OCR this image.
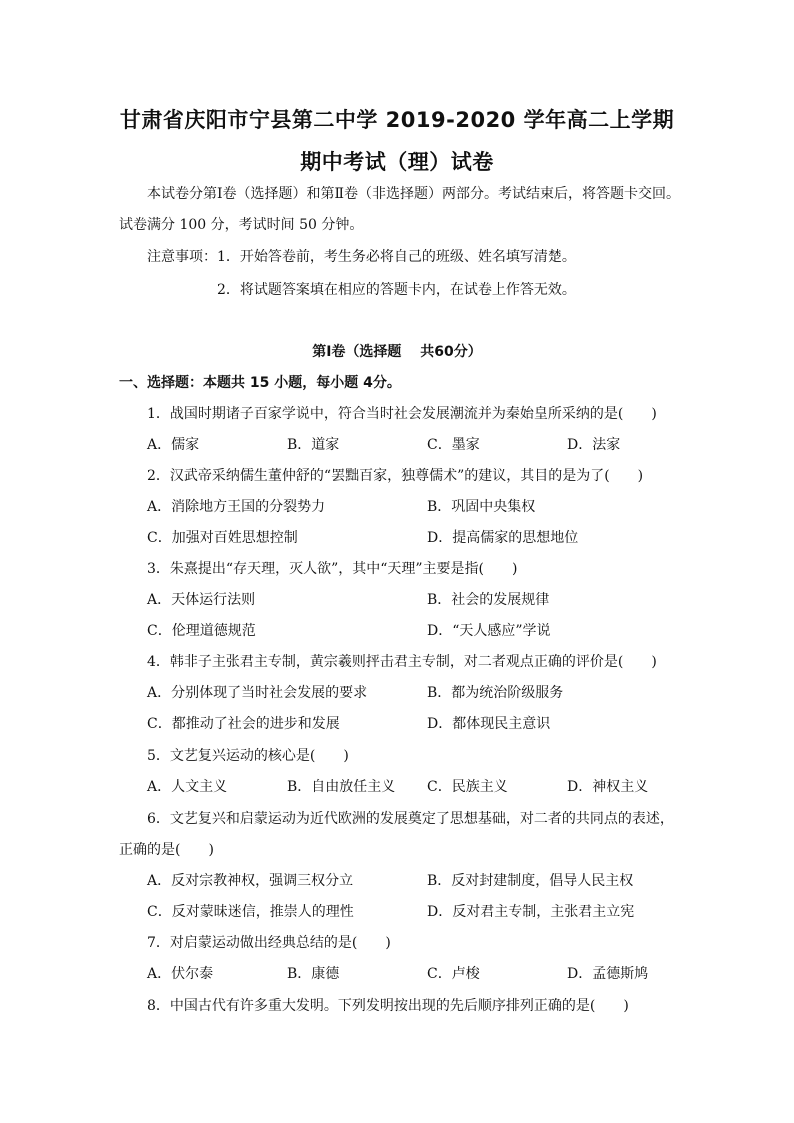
甘肃省庆阳市宁县第二中学 2019-2020 学年高二上学期
期中考试（理）试卷
本试卷分第Ⅰ卷（选择题）和第Ⅱ卷（非选择题）两部分。考试结束后，将答题卡交回。
试卷满分 100 分，考试时间 50 分钟。
注意事项：1．开始答卷前，考生务必将自己的班级、姓名填写清楚。
2．将试题答案填在相应的答题卡内，在试卷上作答无效。
第Ⅰ卷（选择题　 共60分）
一、选择题：本题共 15 小题，每小题 4分。
1．战国时期诸子百家学说中，符合当时社会发展潮流并为秦始皇所采纳的是(　　)
A．儒家	B．道家	C．墨家	D．法家
2．汉武帝采纳儒生董仲舒的“罢黜百家，独尊儒术”的建议，其目的是为了(　　)
A．消除地方王国的分裂势力	B．巩固中央集权
C．加强对百姓思想控制	D．提高儒家的思想地位
3．朱熹提出“存天理，灭人欲”，其中“天理”主要是指(　　)
A．天体运行法则	B．社会的发展规律
C．伦理道德规范	D．“天人感应”学说
4．韩非子主张君主专制，黄宗羲则抨击君主专制，对二者观点正确的评价是(　　)
A．分别体现了当时社会发展的要求	B．都为统治阶级服务
C．都推动了社会的进步和发展	D．都体现民主意识
5．文艺复兴运动的核心是(　　)
A．人文主义	B．自由放任主义 C．民族主义	D．神权主义
6．文艺复兴和启蒙运动为近代欧洲的发展奠定了思想基础，对二者的共同点的表述，
正确的是(　　)
A．反对宗教神权，强调三权分立	B．反对封建制度，倡导人民主权
C．反对蒙昧迷信，推崇人的理性	D．反对君主专制，主张君主立宪
7．对启蒙运动做出经典总结的是(　　)
A．伏尔泰	B．康德	C．卢梭	D．孟德斯鸠
8．中国古代有许多重大发明。下列发明按出现的先后顺序排列正确的是(　　)
